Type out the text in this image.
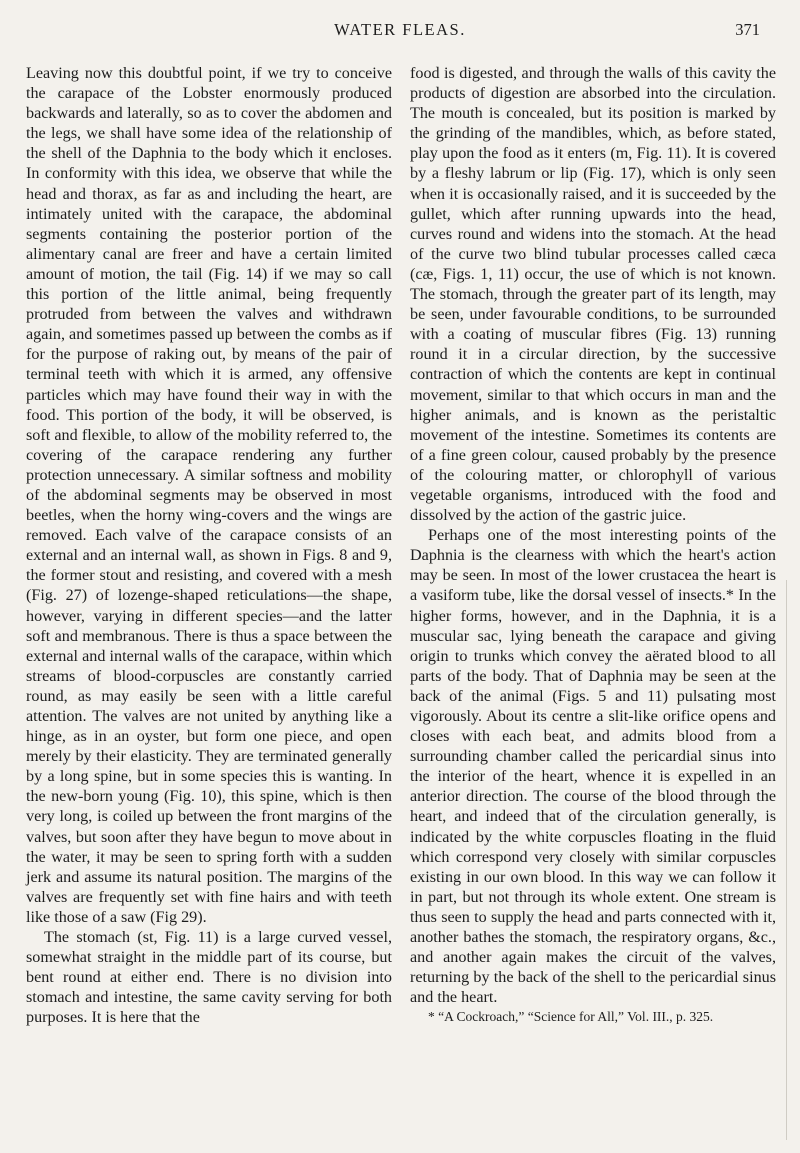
WATER FLEAS.	371

Leaving now this doubtful point, if we try to conceive the carapace of the Lobster enormously produced backwards and laterally, so as to cover the abdomen and the legs, we shall have some idea of the relationship of the shell of the Daphnia to the body which it encloses. In conformity with this idea, we observe that while the head and thorax, as far as and including the heart, are intimately united with the carapace, the abdominal segments containing the posterior portion of the alimentary canal are freer and have a certain limited amount of motion, the tail (Fig. 14) if we may so call this portion of the little animal, being frequently protruded from between the valves and withdrawn again, and sometimes passed up between the combs as if for the purpose of raking out, by means of the pair of terminal teeth with which it is armed, any offensive particles which may have found their way in with the food. This portion of the body, it will be observed, is soft and flexible, to allow of the mobility referred to, the covering of the carapace rendering any further protection unnecessary. A similar softness and mobility of the abdominal segments may be observed in most beetles, when the horny wing-covers and the wings are removed. Each valve of the carapace consists of an external and an internal wall, as shown in Figs. 8 and 9, the former stout and resisting, and covered with a mesh (Fig. 27) of lozenge-shaped reticulations—the shape, however, varying in different species—and the latter soft and membranous. There is thus a space between the external and internal walls of the carapace, within which streams of blood-corpuscles are constantly carried round, as may easily be seen with a little careful attention. The valves are not united by anything like a hinge, as in an oyster, but form one piece, and open merely by their elasticity. They are terminated generally by a long spine, but in some species this is wanting. In the new-born young (Fig. 10), this spine, which is then very long, is coiled up between the front margins of the valves, but soon after they have begun to move about in the water, it may be seen to spring forth with a sudden jerk and assume its natural position. The margins of the valves are frequently set with fine hairs and with teeth like those of a saw (Fig 29).

The stomach (st, Fig. 11) is a large curved vessel, somewhat straight in the middle part of its course, but bent round at either end. There is no division into stomach and intestine, the same cavity serving for both purposes. It is here that the

food is digested, and through the walls of this cavity the products of digestion are absorbed into the circulation. The mouth is concealed, but its position is marked by the grinding of the mandibles, which, as before stated, play upon the food as it enters (m, Fig. 11). It is covered by a fleshy labrum or lip (Fig. 17), which is only seen when it is occasionally raised, and it is succeeded by the gullet, which after running upwards into the head, curves round and widens into the stomach. At the head of the curve two blind tubular processes called cæca (cæ, Figs. 1, 11) occur, the use of which is not known. The stomach, through the greater part of its length, may be seen, under favourable conditions, to be surrounded with a coating of muscular fibres (Fig. 13) running round it in a circular direction, by the successive contraction of which the contents are kept in continual movement, similar to that which occurs in man and the higher animals, and is known as the peristaltic movement of the intestine. Sometimes its contents are of a fine green colour, caused probably by the presence of the colouring matter, or chlorophyll of various vegetable organisms, introduced with the food and dissolved by the action of the gastric juice.

Perhaps one of the most interesting points of the Daphnia is the clearness with which the heart's action may be seen. In most of the lower crustacea the heart is a vasiform tube, like the dorsal vessel of insects.* In the higher forms, however, and in the Daphnia, it is a muscular sac, lying beneath the carapace and giving origin to trunks which convey the aërated blood to all parts of the body. That of Daphnia may be seen at the back of the animal (Figs. 5 and 11) pulsating most vigorously. About its centre a slit-like orifice opens and closes with each beat, and admits blood from a surrounding chamber called the pericardial sinus into the interior of the heart, whence it is expelled in an anterior direction. The course of the blood through the heart, and indeed that of the circulation generally, is indicated by the white corpuscles floating in the fluid which correspond very closely with similar corpuscles existing in our own blood. In this way we can follow it in part, but not through its whole extent. One stream is thus seen to supply the head and parts connected with it, another bathes the stomach, the respiratory organs, &c., and another again makes the circuit of the valves, returning by the back of the shell to the pericardial sinus and the heart.

* “A Cockroach,” “Science for All,” Vol. III., p. 325.
